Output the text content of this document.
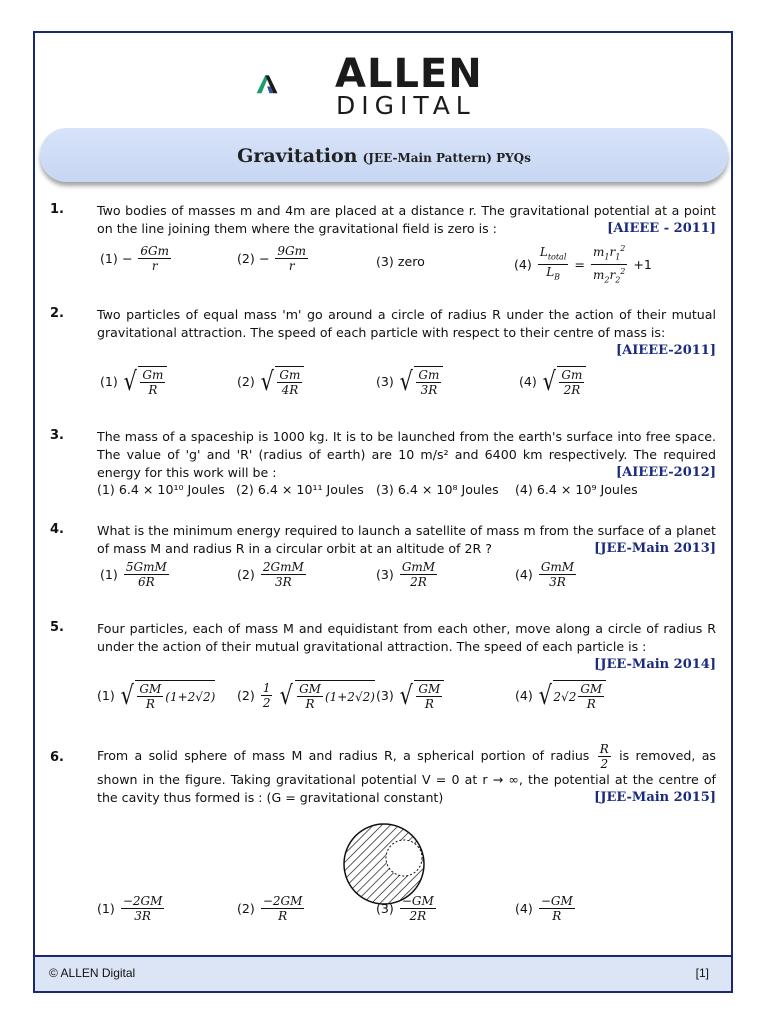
ALLEN
DIGITAL
Gravitation (JEE-Main Pattern) PYQs
1.	Two bodies of masses m and 4m are placed at a distance r. The gravitational potential at a point on the line joining them where the gravitational field is zero is :	[AIEEE - 2011]
$(1) - \frac{6Gm}{r}$	$(2) - \frac{9Gm}{r}$	(3) zero	$(4) \frac{L_{total}}{L_B} = \frac{m_1r_1^2}{m_2r_2^2} +1$
2.	Two particles of equal mass 'm' go around a circle of radius R under the action of their mutual gravitational attraction. The speed of each particle with respect to their centre of mass is:

[AIEEE-2011]
(1) √ $\frac{Gm}{R}$	(2) √ $\frac{Gm}{4R}$	(3) √ $\frac{Gm}{3R}$	(4) √ $\frac{Gm}{2R}$
3.	The mass of a spaceship is 1000 kg. It is to be launched from the earth's surface into free space. The value of 'g' and 'R' (radius of earth) are 10 m/s² and 6400 km respectively. The required energy for this work will be :	[AIEEE-2012]
(1) 6.4 × 10¹⁰ Joules (2) 6.4 × 10¹¹ Joules (3) 6.4 × 10⁸ Joules (4) 6.4 × 10⁹ Joules
4.	What is the minimum energy required to launch a satellite of mass m from the surface of a planet of mass M and radius R in a circular orbit at an altitude of 2R ?	[JEE-Main 2013]
$(1) \frac{\text{5GmM}}{6R}$	$(2) \frac{\text{2GmM}}{3R}$	$(3) \frac{\text{GmM}}{2R}$	$(4) \frac{\text{GmM}}{3R}$
5.	Four particles, each of mass M and equidistant from each other, move along a circle of radius R under the action of their mutual gravitational attraction. The speed of each particle is :

[JEE-Main 2014]
(1) √ $\frac{GM}{R} (1+2√2)$ $(2) \frac{1}{2}$ √ $\frac{GM}{R} (1+2√2)$ (3) √ $\frac{GM}{R}$	(4) √ $2√2 \frac{GM}{R}$
6.	From a solid sphere of mass M and radius R, a spherical portion of radius $\frac{R}{2}$ is removed, as shown in the figure. Taking gravitational potential V = 0 at r → ∞, the potential at the centre of the cavity thus formed is : (G = gravitational constant)	[JEE-Main 2015]
$(1) \frac{-2GM}{3R}$	$(2) \frac{-2GM}{R}$	$(3) \frac{-GM}{2R}$	$(4) \frac{-GM}{R}$
© ALLEN Digital	[1]
